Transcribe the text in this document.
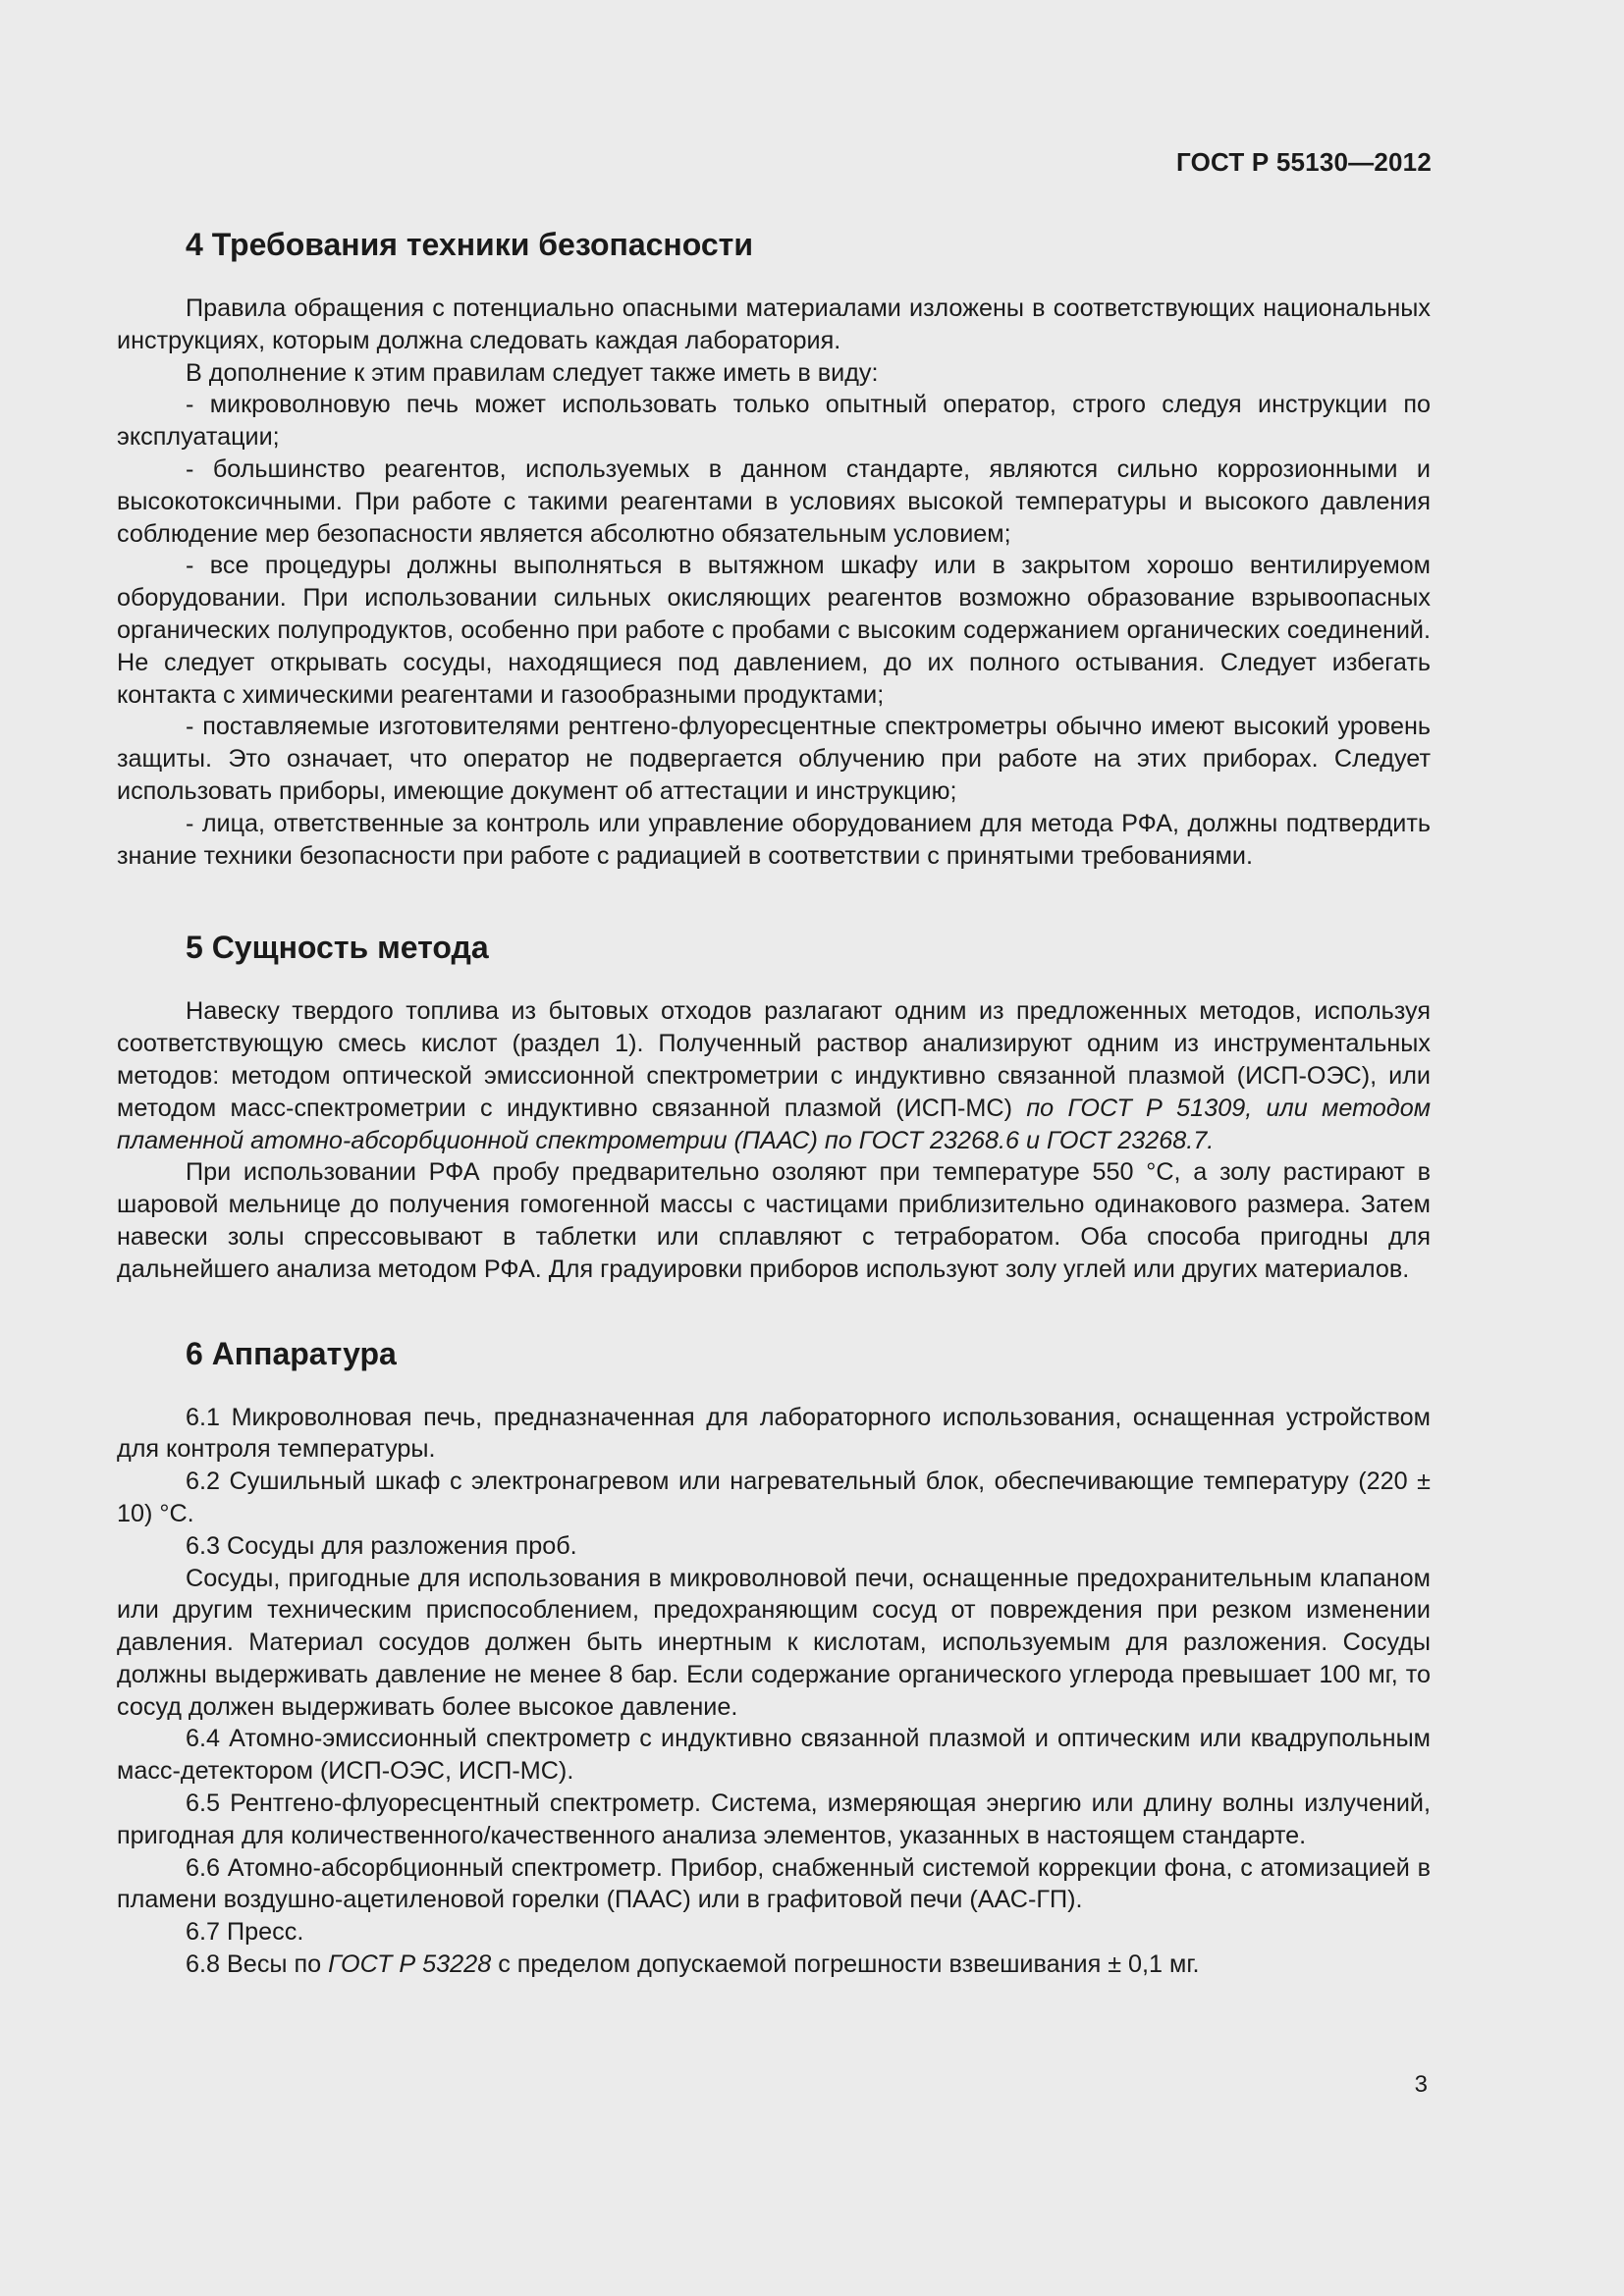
ГОСТ Р 55130—2012
4 Требования техники безопасности

Правила обращения с потенциально опасными материалами изложены в соответствующих национальных инструкциях, которым должна следовать каждая лаборатория.

В дополнение к этим правилам следует также иметь в виду:

- микроволновую печь может использовать только опытный оператор, строго следуя инструкции по эксплуатации;

- большинство реагентов, используемых в данном стандарте, являются сильно коррозионными и высокотоксичными. При работе с такими реагентами в условиях высокой температуры и высокого давления соблюдение мер безопасности является абсолютно обязательным условием;

- все процедуры должны выполняться в вытяжном шкафу или в закрытом хорошо вентилируемом оборудовании. При использовании сильных окисляющих реагентов возможно образование взрывоопасных органических полупродуктов, особенно при работе с пробами с высоким содержанием органических соединений. Не следует открывать сосуды, находящиеся под давлением, до их полного остывания. Следует избегать контакта с химическими реагентами и газообразными продуктами;

- поставляемые изготовителями рентгено-флуоресцентные спектрометры обычно имеют высокий уровень защиты. Это означает, что оператор не подвергается облучению при работе на этих приборах. Следует использовать приборы, имеющие документ об аттестации и инструкцию;

- лица, ответственные за контроль или управление оборудованием для метода РФА, должны подтвердить знание техники безопасности при работе с радиацией в соответствии с принятыми требованиями.

5 Сущность метода

Навеску твердого топлива из бытовых отходов разлагают одним из предложенных методов, используя соответствующую смесь кислот (раздел 1). Полученный раствор анализируют одним из инструментальных методов: методом оптической эмиссионной спектрометрии с индуктивно связанной плазмой (ИСП-ОЭС), или методом масс-спектрометрии с индуктивно связанной плазмой (ИСП-МС) по ГОСТ Р 51309, или методом пламенной атомно-абсорбционной спектрометрии (ПААС) по ГОСТ 23268.6 и ГОСТ 23268.7.

При использовании РФА пробу предварительно озоляют при температуре 550 °С, а золу растирают в шаровой мельнице до получения гомогенной массы с частицами приблизительно одинакового размера. Затем навески золы спрессовывают в таблетки или сплавляют с тетраборатом. Оба способа пригодны для дальнейшего анализа методом РФА. Для градуировки приборов используют золу углей или других материалов.

6 Аппаратура

6.1 Микроволновая печь, предназначенная для лабораторного использования, оснащенная устройством для контроля температуры.

6.2 Сушильный шкаф с электронагревом или нагревательный блок, обеспечивающие температуру (220 ± 10) °С.

6.3 Сосуды для разложения проб.

Сосуды, пригодные для использования в микроволновой печи, оснащенные предохранительным клапаном или другим техническим приспособлением, предохраняющим сосуд от повреждения при резком изменении давления. Материал сосудов должен быть инертным к кислотам, используемым для разложения. Сосуды должны выдерживать давление не менее 8 бар. Если содержание органического углерода превышает 100 мг, то сосуд должен выдерживать более высокое давление.

6.4 Атомно-эмиссионный спектрометр с индуктивно связанной плазмой и оптическим или квадрупольным масс-детектором (ИСП-ОЭС, ИСП-МС).

6.5 Рентгено-флуоресцентный спектрометр. Система, измеряющая энергию или длину волны излучений, пригодная для количественного/качественного анализа элементов, указанных в настоящем стандарте.

6.6 Атомно-абсорбционный спектрометр. Прибор, снабженный системой коррекции фона, с атомизацией в пламени воздушно-ацетиленовой горелки (ПААС) или в графитовой печи (ААС-ГП).

6.7 Пресс.

6.8 Весы по ГОСТ Р 53228 с пределом допускаемой погрешности взвешивания ± 0,1 мг.

3
